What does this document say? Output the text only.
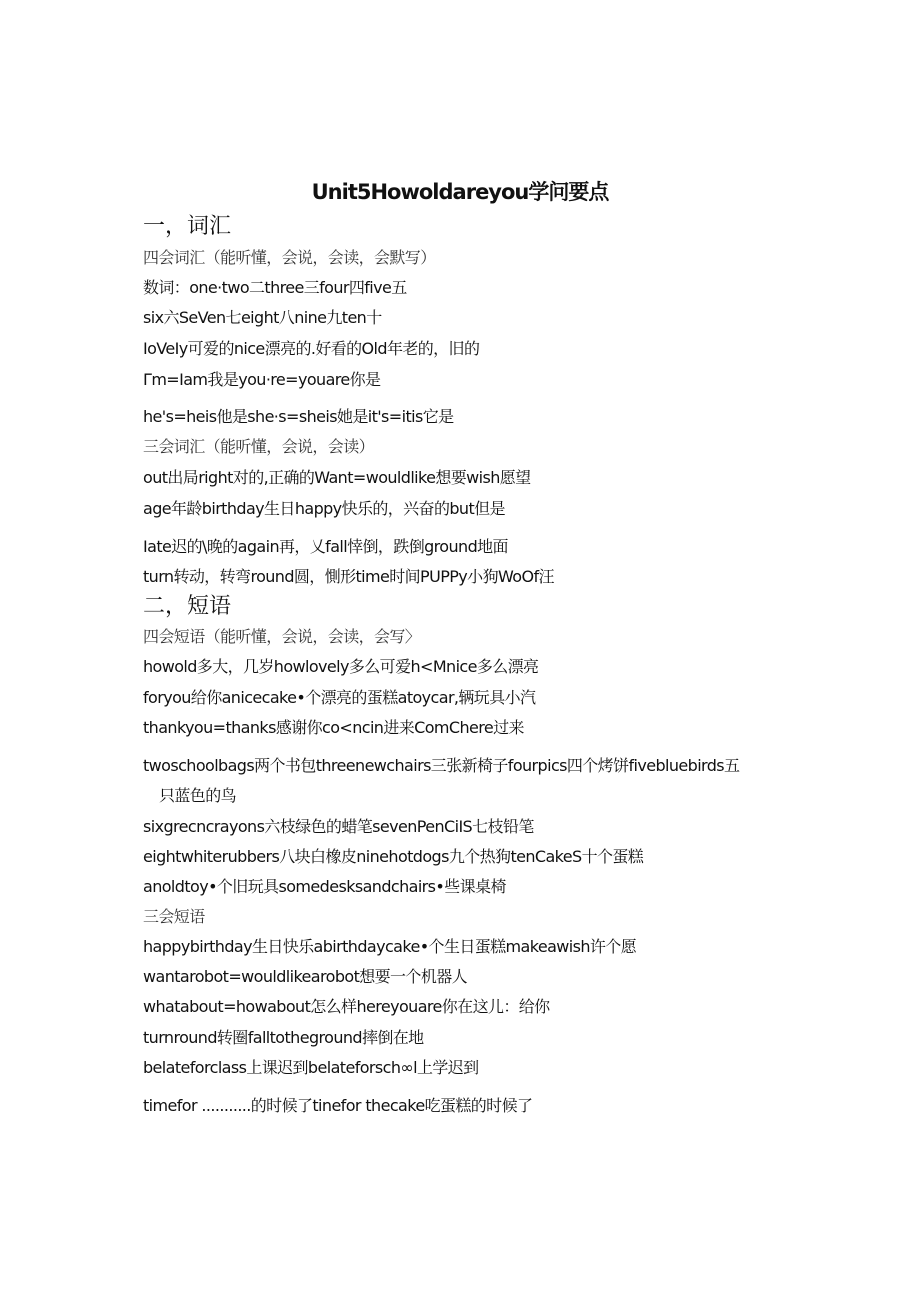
Unit5Howoldareyou学问要点
一，词汇
四会词汇（能听懂，会说，会读，会默写）
数词：one·two二three三four四five五
six六SeVen七eight八nine九ten十
IoVeIy可爱的nice漂亮的.好看的Old年老的，旧的
Γm=Iam我是you·re=youare你是
he's=heis他是she·s=sheis她是it's=itis它是
三会词汇（能听懂，会说，会读）
out出局right对的,正确的Want=wouldlike想要wish愿望
age年龄birthday生日happy快乐的，兴奋的but但是
Iate迟的\晚的again再，乂fall悻倒，跌倒ground地面
turn转动，转弯round圆，惻形time时间PUPPy小狗WoOf汪
二，短语
四会短语（能听懂，会说，会读，会写〉
howold多大，几岁howlovely多么可爱h<Mnice多么漂亮
foryou给你anicecake•个漂亮的蛋糕atoycar,辆玩具小汽
thankyou=thanks感谢你co<ncin进来ComChere过来
twoschoolbags两个书包threenewchairs三张新椅子fourpics四个烤饼fivebluebirds五
只蓝色的鸟
sixgrecncrayons六枝绿色的蜡笔sevenPenCiIS七枝铅笔
eightwhiterubbers八块白橡皮ninehotdogs九个热狗tenCakeS十个蛋糕
anoldtoy•个旧玩具somedesksandchairs•些课桌椅
三会短语
happybirthday生日快乐abirthdaycake•个生日蛋糕makeawish许个愿
wantarobot=wouldlikearobot想要一个机器人
whatabout=howabout怎么样hereyouare你在这儿：给你
turnround转圈falltotheground摔倒在地
belateforclass上课迟到belateforsch∞l上学迟到
timefor ...........的时候了tinefor thecake吃蛋糕的时候了
